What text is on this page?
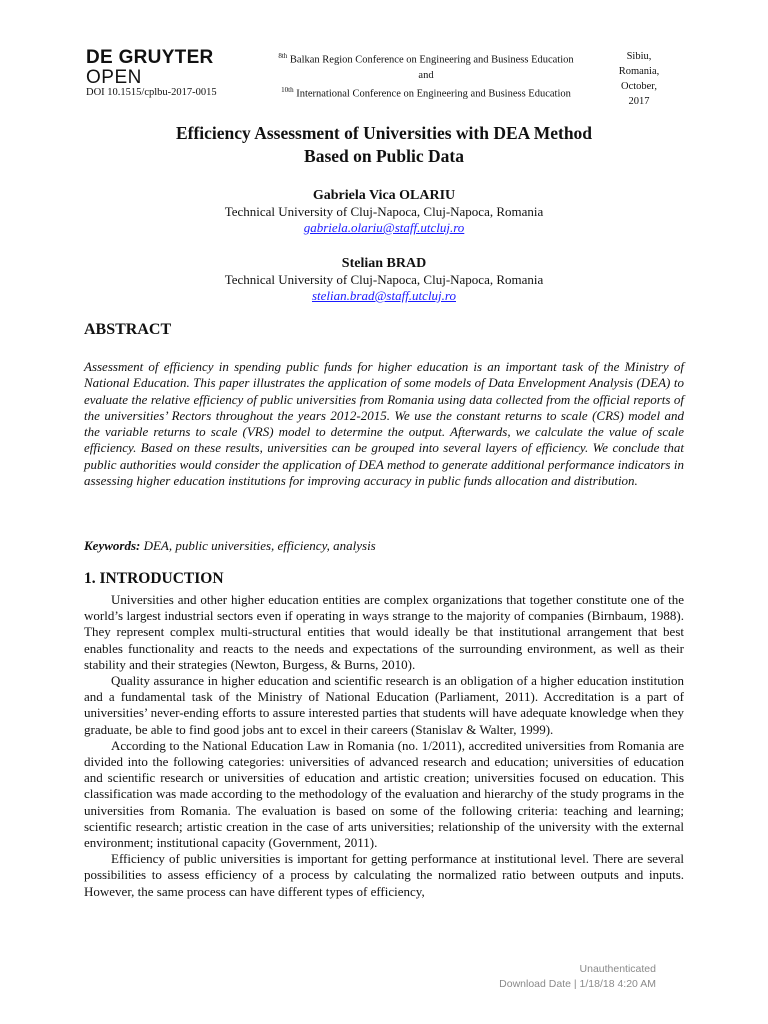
DE GRUYTER
OPEN
DOI 10.1515/cplbu-2017-0015
$^{8th}$ Balkan Region Conference on Engineering and Business Education
and
$^{10th}$ International Conference on Engineering and Business Education
Sibiu,
Romania,
October,
2017
Efficiency Assessment of Universities with DEA Method
Based on Public Data
Gabriela Vica OLARIU
Technical University of Cluj-Napoca, Cluj-Napoca, Romania
gabriela.olariu@staff.utcluj.ro
Stelian BRAD
Technical University of Cluj-Napoca, Cluj-Napoca, Romania
stelian.brad@staff.utcluj.ro
ABSTRACT
Assessment of efficiency in spending public funds for higher education is an important task of the Ministry of National Education. This paper illustrates the application of some models of Data Envelopment Analysis (DEA) to evaluate the relative efficiency of public universities from Romania using data collected from the official reports of the universities’ Rectors throughout the years 2012-2015. We use the constant returns to scale (CRS) model and the variable returns to scale (VRS) model to determine the output. Afterwards, we calculate the value of scale efficiency. Based on these results, universities can be grouped into several layers of efficiency. We conclude that public authorities would consider the application of DEA method to generate additional performance indicators in assessing higher education institutions for improving accuracy in public funds allocation and distribution.
Keywords: DEA, public universities, efficiency, analysis
1. INTRODUCTION

Universities and other higher education entities are complex organizations that together constitute one of the world’s largest industrial sectors even if operating in ways strange to the majority of companies (Birnbaum, 1988). They represent complex multi-structural entities that would ideally be that institutional arrangement that best enables functionality and reacts to the needs and expectations of the surrounding environment, as well as their stability and their strategies (Newton, Burgess, & Burns, 2010).

Quality assurance in higher education and scientific research is an obligation of a higher education institution and a fundamental task of the Ministry of National Education (Parliament, 2011). Accreditation is a part of universities’ never-ending efforts to assure interested parties that students will have adequate knowledge when they graduate, be able to find good jobs ant to excel in their careers (Stanislav & Walter, 1999).

According to the National Education Law in Romania (no. 1/2011), accredited universities from Romania are divided into the following categories: universities of advanced research and education; universities of education and scientific research or universities of education and artistic creation; universities focused on education. This classification was made according to the methodology of the evaluation and hierarchy of the study programs in the universities from Romania. The evaluation is based on some of the following criteria: teaching and learning; scientific research; artistic creation in the case of arts universities; relationship of the university with the external environment; institutional capacity (Government, 2011).

Efficiency of public universities is important for getting performance at institutional level. There are several possibilities to assess efficiency of a process by calculating the normalized ratio between outputs and inputs. However, the same process can have different types of efficiency,

Unauthenticated
Download Date | 1/18/18 4:20 AM
